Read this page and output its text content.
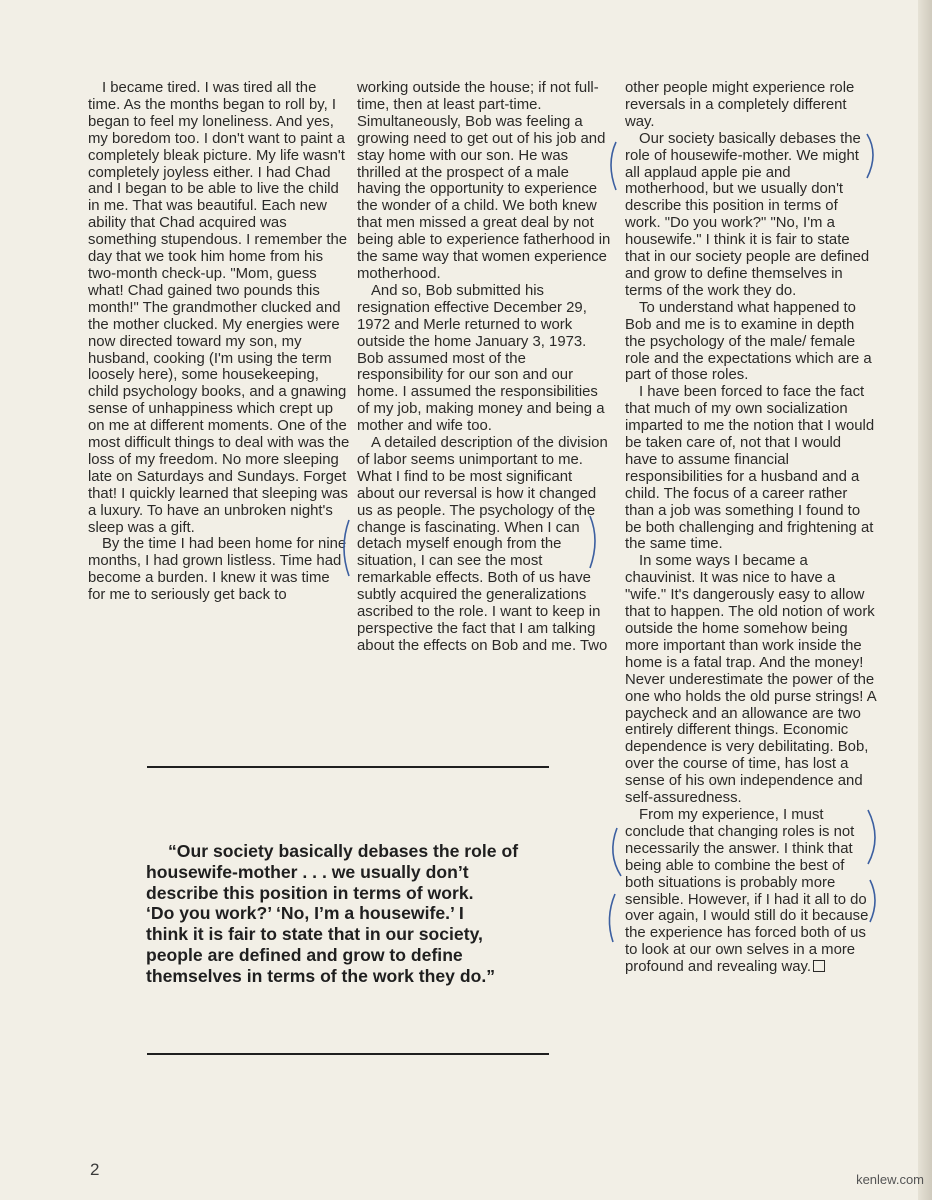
I became tired. I was tired all the time. As the months began to roll by, I began to feel my loneliness. And yes, my boredom too. I don't want to paint a completely bleak picture. My life wasn't completely joyless either. I had Chad and I began to be able to live the child in me. That was beautiful. Each new ability that Chad acquired was something stupendous. I remember the day that we took him home from his two-month check-up. "Mom, guess what! Chad gained two pounds this month!" The grandmother clucked and the mother clucked. My energies were now directed toward my son, my husband, cooking (I'm using the term loosely here), some housekeeping, child psychology books, and a gnawing sense of unhappiness which crept up on me at different moments. One of the most difficult things to deal with was the loss of my freedom. No more sleeping late on Saturdays and Sundays. Forget that! I quickly learned that sleeping was a luxury. To have an unbroken night's sleep was a gift.

By the time I had been home for nine months, I had grown listless. Time had become a burden. I knew it was time for me to seriously get back to

working outside the house; if not full-time, then at least part-time. Simultaneously, Bob was feeling a growing need to get out of his job and stay home with our son. He was thrilled at the prospect of a male having the opportunity to experience the wonder of a child. We both knew that men missed a great deal by not being able to experience fatherhood in the same way that women experience motherhood.

And so, Bob submitted his resignation effective December 29, 1972 and Merle returned to work outside the home January 3, 1973. Bob assumed most of the responsibility for our son and our home. I assumed the responsibilities of my job, making money and being a mother and wife too.

A detailed description of the division of labor seems unimportant to me. What I find to be most significant about our reversal is how it changed us as people. The psychology of the change is fascinating. When I can detach myself enough from the situation, I can see the most remarkable effects. Both of us have subtly acquired the generalizations ascribed to the role. I want to keep in perspective the fact that I am talking about the effects on Bob and me. Two

other people might experience role reversals in a completely different way.

Our society basically debases the role of housewife-mother. We might all applaud apple pie and motherhood, but we usually don't describe this position in terms of work. "Do you work?" "No, I'm a housewife." I think it is fair to state that in our society people are defined and grow to define themselves in terms of the work they do.

To understand what happened to Bob and me is to examine in depth the psychology of the male/ female role and the expectations which are a part of those roles.

I have been forced to face the fact that much of my own socialization imparted to me the notion that I would be taken care of, not that I would have to assume financial responsibilities for a husband and a child. The focus of a career rather than a job was something I found to be both challenging and frightening at the same time.

In some ways I became a chauvinist. It was nice to have a "wife." It's dangerously easy to allow that to happen. The old notion of work outside the home somehow being more important than work inside the home is a fatal trap. And the money! Never underestimate the power of the one who holds the old purse strings! A paycheck and an allowance are two entirely different things. Economic dependence is very debilitating. Bob, over the course of time, has lost a sense of his own independence and self-assuredness.

From my experience, I must conclude that changing roles is not necessarily the answer. I think that being able to combine the best of both situations is probably more sensible. However, if I had it all to do over again, I would still do it because the experience has forced both of us to look at our own selves in a more profound and revealing way.

“Our society basically debases the role of
housewife-mother . . . we usually don’t
describe this position in terms of work.
‘Do you work?’ ‘No, I’m a housewife.’ I
think it is fair to state that in our society,
people are defined and grow to define
themselves in terms of the work they do.”
2
kenlew.com
